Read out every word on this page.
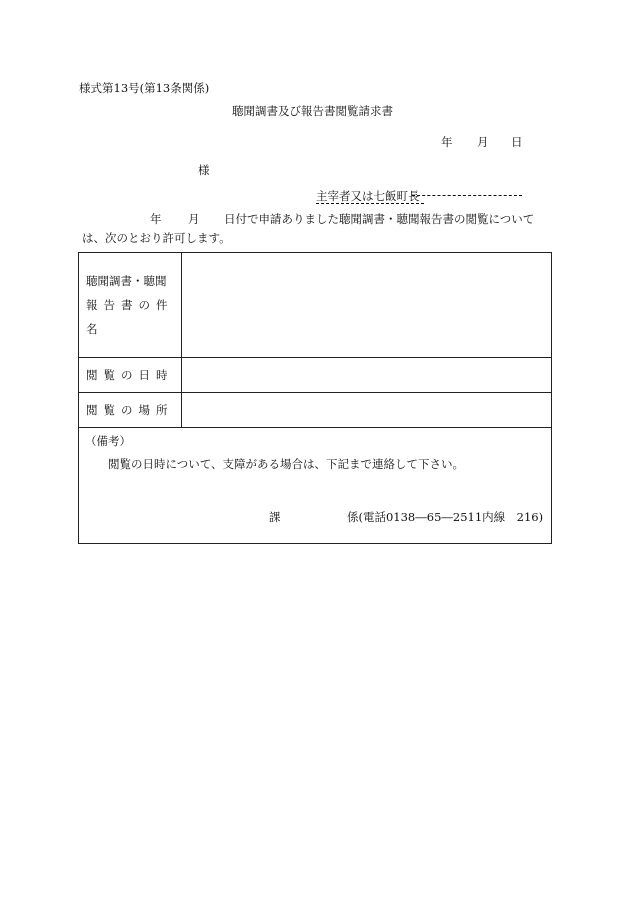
様式第13号(第13条関係)
聴聞調書及び報告書閲覧請求書
年 月 日
様
主宰者又は七飯町長
年 月 日付で申請ありました聴聞調書・聴聞報告書の閲覧について
は、次のとおり許可します。
聴聞調書・聴聞
報告書の件名	

閲覧の日時	
閲覧の場所	

（備考）
閲覧の日時について、支障がある場合は、下記まで連絡して下さい。
課 係(電話0138―65―2511内線　216)	
